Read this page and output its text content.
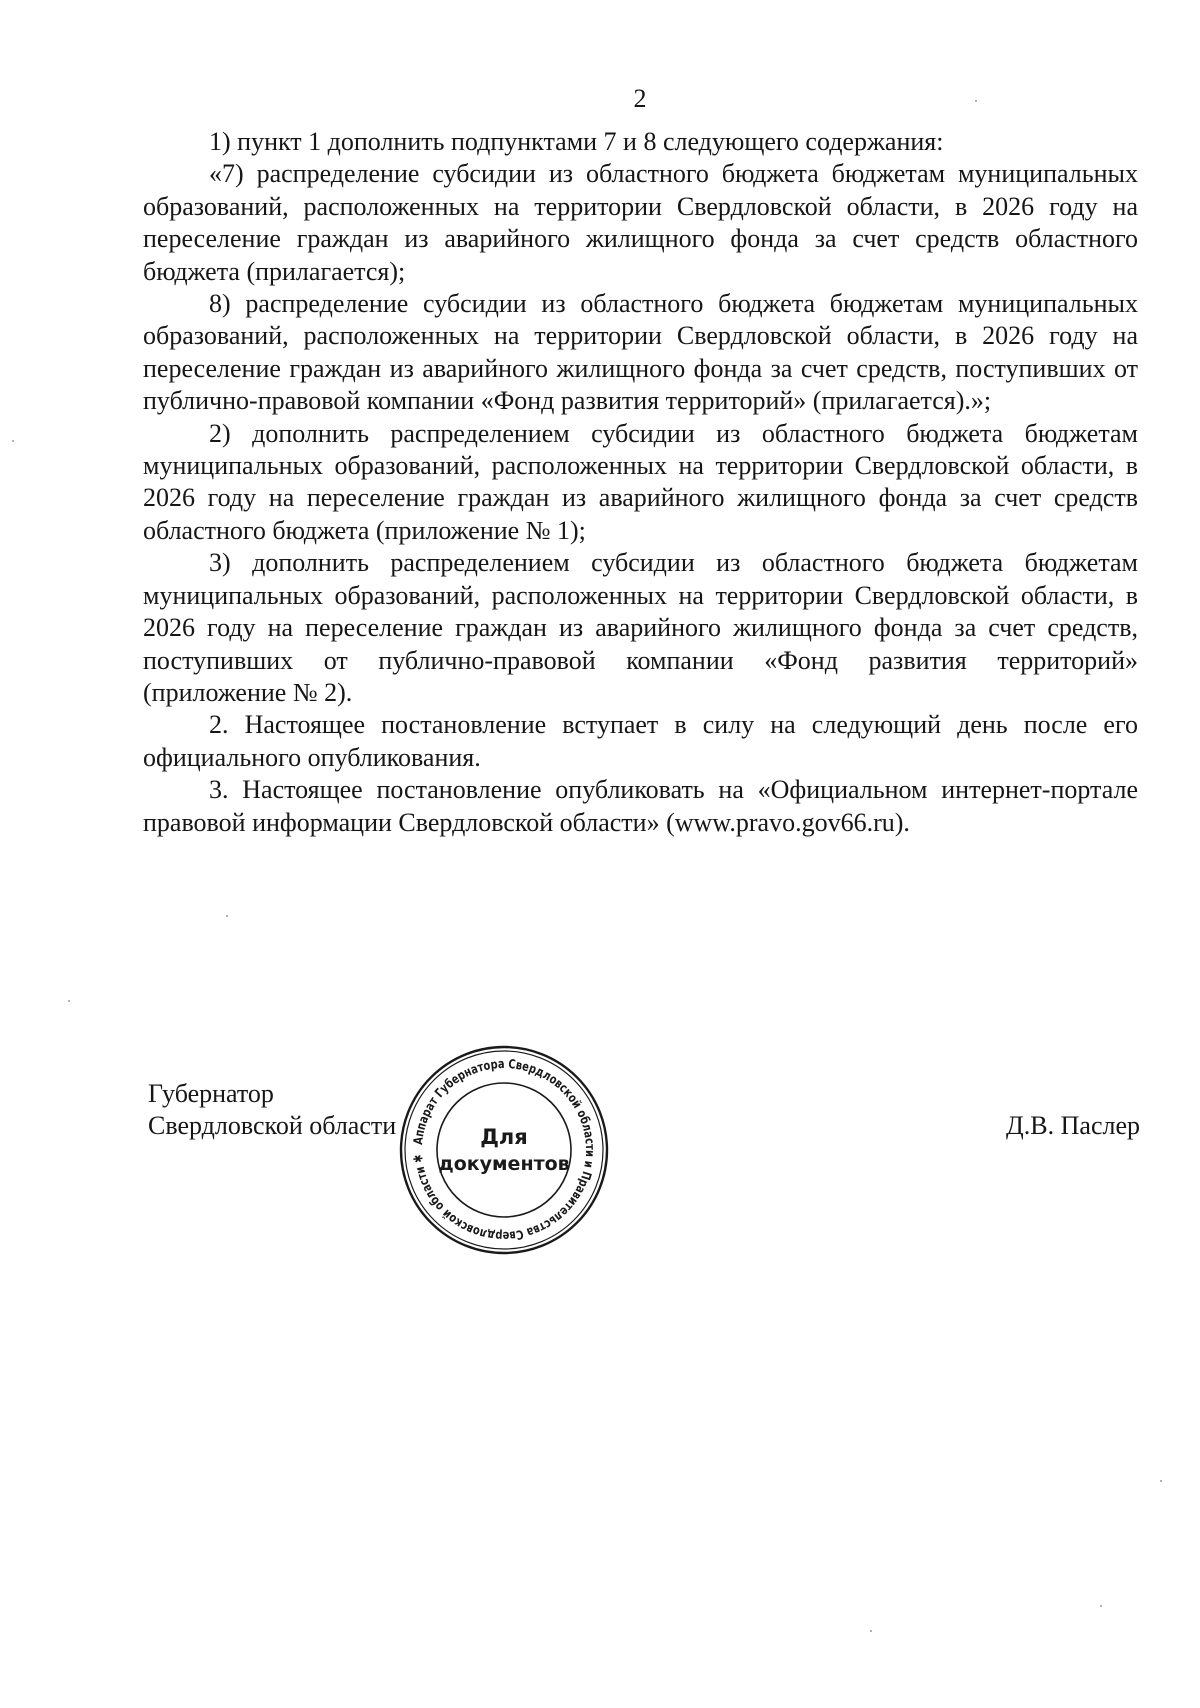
2

1) пункт 1 дополнить подпунктами 7 и 8 следующего содержания:

«7) распределение субсидии из областного бюджета бюджетам муниципальных образований, расположенных на территории Свердловской области, в 2026 году на переселение граждан из аварийного жилищного фонда за счет средств областного бюджета (прилагается);

8) распределение субсидии из областного бюджета бюджетам муниципальных образований, расположенных на территории Свердловской области, в 2026 году на переселение граждан из аварийного жилищного фонда за счет средств, поступивших от публично-правовой компании «Фонд развития территорий» (прилагается).»;

2) дополнить распределением субсидии из областного бюджета бюджетам муниципальных образований, расположенных на территории Свердловской области, в 2026 году на переселение граждан из аварийного жилищного фонда за счет средств областного бюджета (приложение № 1);

3) дополнить распределением субсидии из областного бюджета бюджетам муниципальных образований, расположенных на территории Свердловской области, в 2026 году на переселение граждан из аварийного жилищного фонда за счет средств, поступивших от публично-правовой компании «Фонд развития территорий» (приложение № 2).

2. Настоящее постановление вступает в силу на следующий день после его официального опубликования.

3. Настоящее постановление опубликовать на «Официальном интернет-портале правовой информации Свердловской области» (www.pravo.gov66.ru).

Губернатор
Свердловской области	Д.В. Паслер
Аппарат Губернатора Свердловской области и Правительства Свердловской области ✱
Для
документов
